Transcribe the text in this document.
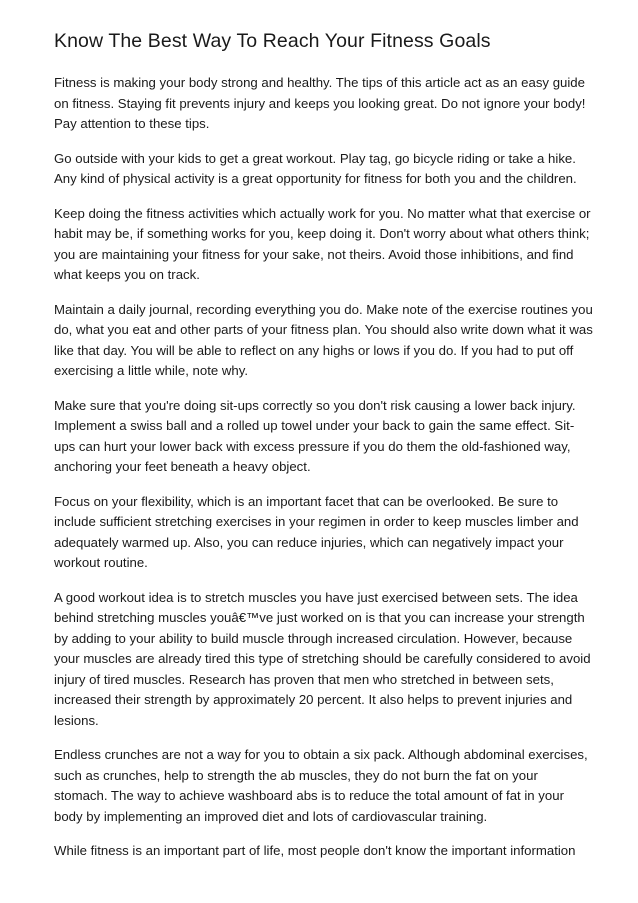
Know The Best Way To Reach Your Fitness Goals

Fitness is making your body strong and healthy. The tips of this article act as an easy guide on fitness. Staying fit prevents injury and keeps you looking great. Do not ignore your body! Pay attention to these tips.

Go outside with your kids to get a great workout. Play tag, go bicycle riding or take a hike. Any kind of physical activity is a great opportunity for fitness for both you and the children.

Keep doing the fitness activities which actually work for you. No matter what that exercise or habit may be, if something works for you, keep doing it. Don't worry about what others think; you are maintaining your fitness for your sake, not theirs. Avoid those inhibitions, and find what keeps you on track.

Maintain a daily journal, recording everything you do. Make note of the exercise routines you do, what you eat and other parts of your fitness plan. You should also write down what it was like that day. You will be able to reflect on any highs or lows if you do. If you had to put off exercising a little while, note why.

Make sure that you're doing sit-ups correctly so you don't risk causing a lower back injury. Implement a swiss ball and a rolled up towel under your back to gain the same effect. Sit-ups can hurt your lower back with excess pressure if you do them the old-fashioned way, anchoring your feet beneath a heavy object.

Focus on your flexibility, which is an important facet that can be overlooked. Be sure to include sufficient stretching exercises in your regimen in order to keep muscles limber and adequately warmed up. Also, you can reduce injuries, which can negatively impact your workout routine.

A good workout idea is to stretch muscles you have just exercised between sets. The idea behind stretching muscles youâ€™ve just worked on is that you can increase your strength by adding to your ability to build muscle through increased circulation. However, because your muscles are already tired this type of stretching should be carefully considered to avoid injury of tired muscles. Research has proven that men who stretched in between sets, increased their strength by approximately 20 percent. It also helps to prevent injuries and lesions.

Endless crunches are not a way for you to obtain a six pack. Although abdominal exercises, such as crunches, help to strength the ab muscles, they do not burn the fat on your stomach. The way to achieve washboard abs is to reduce the total amount of fat in your body by implementing an improved diet and lots of cardiovascular training.

While fitness is an important part of life, most people don't know the important information
